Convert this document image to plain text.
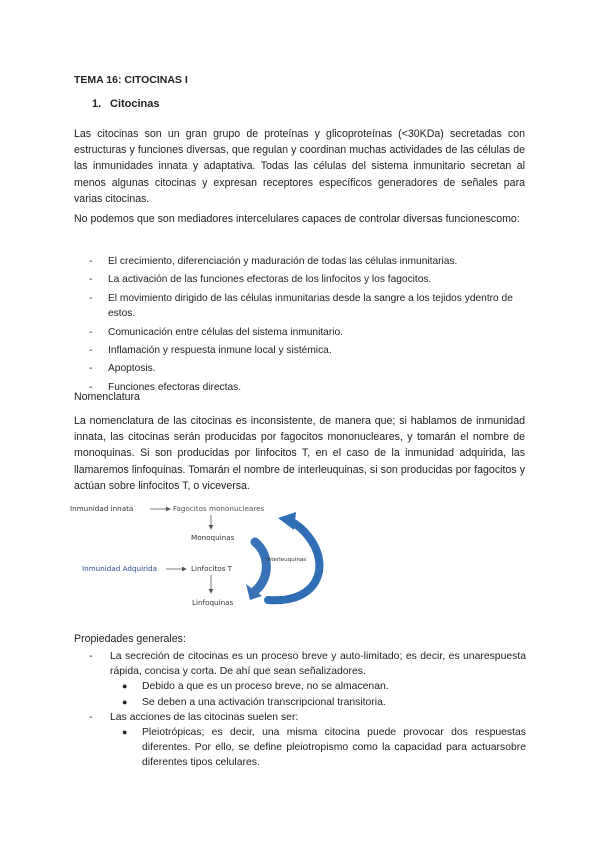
TEMA 16: CITOCINAS I
1. Citocinas

Las citocinas son un gran grupo de proteínas y glicoproteínas (<30KDa) secretadas con estructuras y funciones diversas, que regulan y coordinan muchas actividades de las células de las inmunidades innata y adaptativa. Todas las células del sistema inmunitario secretan al menos algunas citocinas y expresan receptores específicos generadores de señales para varias citocinas.

No podemos que son mediadores intercelulares capaces de controlar diversas funcionescomo:

- El crecimiento, diferenciación y maduración de todas las células inmunitarias.
- La activación de las funciones efectoras de los linfocitos y los fagocitos.
- El movimiento dirigido de las células inmunitarias desde la sangre a los tejidos ydentro de estos.
- Comunicación entre células del sistema inmunitario.
- Inflamación y respuesta inmune local y sistémica.
- Apoptosis.
- Funciones efectoras directas.
Nomenclatura

La nomenclatura de las citocinas es inconsistente, de manera que; si hablamos de inmunidad innata, las citocinas serán producidas por fagocitos mononucleares, y tomarán el nombre de monoquinas. Si son producidas por linfocitos T, en el caso de la inmunidad adquirida, las llamaremos linfoquinas. Tomarán el nombre de interleuquinas, si son producidas por fagocitos y actúan sobre linfocitos T, o viceversa.

Inmunidad innata	Fagocitos mononucleares
Monoquinas
Interleuquinas
Inmunidad Adquirida	Linfocitos T
Linfoquinas
Propiedades generales:
- La secreción de citocinas es un proceso breve y auto-limitado; es decir, es unarespuesta rápida, concisa y corta. De ahí que sean señalizadores.
● Debido a que es un proceso breve, no se almacenan.
● Se deben a una activación transcripcional transitoria.
- Las acciones de las citocinas suelen ser:
● Pleiotrópicas; es decir, una misma citocina puede provocar dos respuestas diferentes. Por ello, se define pleiotropismo como la capacidad para actuarsobre diferentes tipos celulares.
